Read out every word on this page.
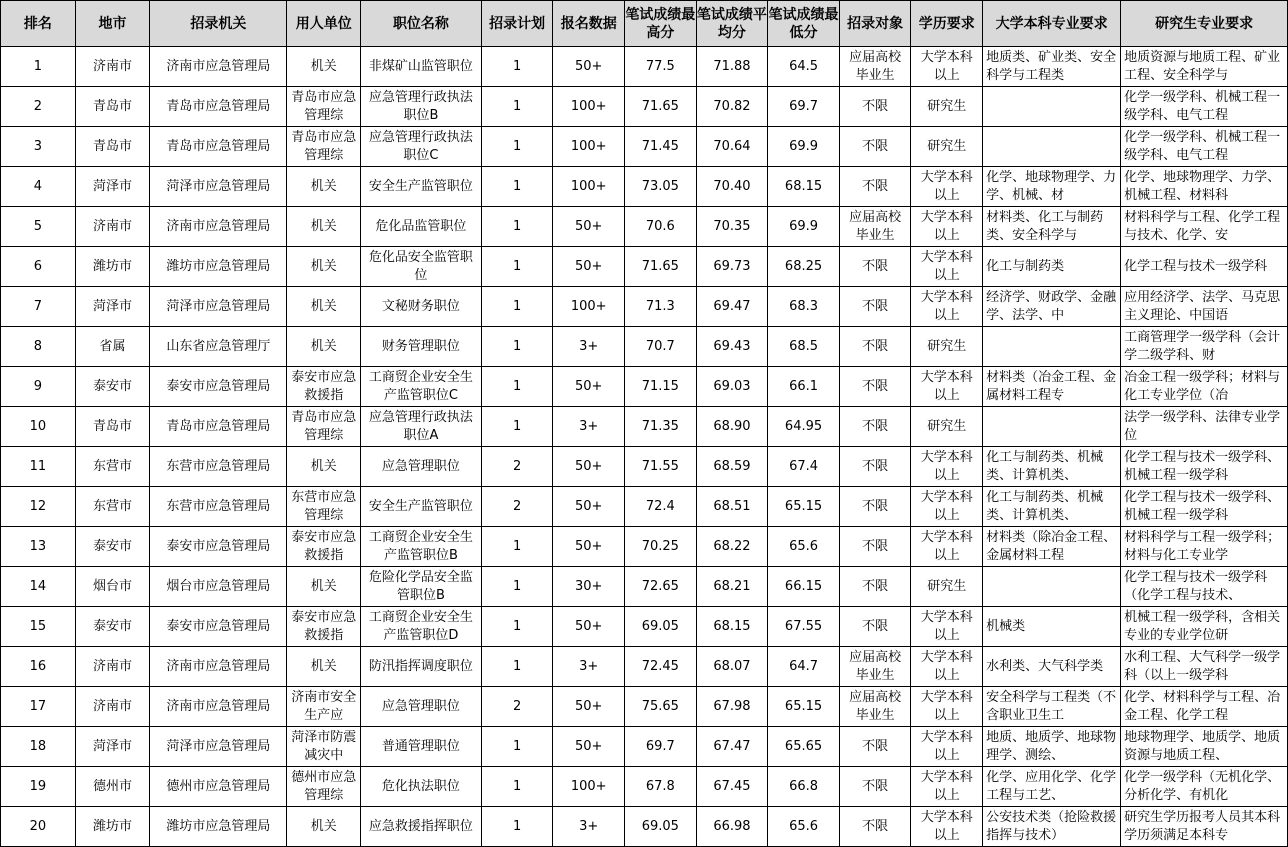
排名	地市	招录机关	用人单位	职位名称	招录计划	报名数据	笔试成绩最高分	笔试成绩平均分	笔试成绩最低分	招录对象	学历要求	大学本科专业要求	研究生专业要求

1	济南市	济南市应急管理局	机关	非煤矿山监管职位	1	50+	77.5	71.88	64.5	应届高校毕业生	大学本科以上	地质类、矿业类、安全科学与工程类	地质资源与地质工程、矿业工程、安全科学与

2	青岛市	青岛市应急管理局	青岛市应急管理综	应急管理行政执法职位B	1	100+	71.65	70.82	69.7	不限	研究生		化学一级学科、机械工程一级学科、电气工程

3	青岛市	青岛市应急管理局	青岛市应急管理综	应急管理行政执法职位C	1	100+	71.45	70.64	69.9	不限	研究生		化学一级学科、机械工程一级学科、电气工程

4	菏泽市	菏泽市应急管理局	机关	安全生产监管职位	1	100+	73.05	70.40	68.15	不限	大学本科以上	化学、地球物理学、力学、机械、材	化学、地球物理学、力学、机械工程、材料科

5	济南市	济南市应急管理局	机关	危化品监管职位	1	50+	70.6	70.35	69.9	应届高校毕业生	大学本科以上	材料类、化工与制药类、安全科学与	材料科学与工程、化学工程与技术、化学、安

6	潍坊市	潍坊市应急管理局	机关	危化品安全监管职位	1	50+	71.65	69.73	68.25	不限	大学本科以上	化工与制药类	化学工程与技术一级学科

7	菏泽市	菏泽市应急管理局	机关	文秘财务职位	1	100+	71.3	69.47	68.3	不限	大学本科以上	经济学、财政学、金融学、法学、中	应用经济学、法学、马克思主义理论、中国语

8	省属	山东省应急管理厅	机关	财务管理职位	1	3+	70.7	69.43	68.5	不限	研究生		工商管理学一级学科（会计学二级学科、财

9	泰安市	泰安市应急管理局	泰安市应急救援指	工商贸企业安全生产监管职位C	1	50+	71.15	69.03	66.1	不限	大学本科以上	材料类（冶金工程、金属材料工程专	冶金工程一级学科；材料与化工专业学位（冶

10	青岛市	青岛市应急管理局	青岛市应急管理综	应急管理行政执法职位A	1	3+	71.35	68.90	64.95	不限	研究生		法学一级学科、法律专业学位

11	东营市	东营市应急管理局	机关	应急管理职位	2	50+	71.55	68.59	67.4	不限	大学本科以上	化工与制药类、机械类、计算机类、	化学工程与技术一级学科、机械工程一级学科

12	东营市	东营市应急管理局	东营市应急管理综	安全生产监管职位	2	50+	72.4	68.51	65.15	不限	大学本科以上	化工与制药类、机械类、计算机类、	化学工程与技术一级学科、机械工程一级学科

13	泰安市	泰安市应急管理局	泰安市应急救援指	工商贸企业安全生产监管职位B	1	50+	70.25	68.22	65.6	不限	大学本科以上	材料类（除冶金工程、金属材料工程	材料科学与工程一级学科；材料与化工专业学

14	烟台市	烟台市应急管理局	机关	危险化学品安全监管职位B	1	30+	72.65	68.21	66.15	不限	研究生		化学工程与技术一级学科（化学工程与技术、

15	泰安市	泰安市应急管理局	泰安市应急救援指	工商贸企业安全生产监管职位D	1	50+	69.05	68.15	67.55	不限	大学本科以上	机械类	机械工程一级学科，含相关专业的专业学位研

16	济南市	济南市应急管理局	机关	防汛指挥调度职位	1	3+	72.45	68.07	64.7	应届高校毕业生	大学本科以上	水利类、大气科学类	水利工程、大气科学一级学科（以上一级学科

17	济南市	济南市应急管理局	济南市安全生产应	应急管理职位	2	50+	75.65	67.98	65.15	应届高校毕业生	大学本科以上	安全科学与工程类（不含职业卫生工	化学、材料科学与工程、冶金工程、化学工程

18	菏泽市	菏泽市应急管理局	菏泽市防震减灾中	普通管理职位	1	50+	69.7	67.47	65.65	不限	大学本科以上	地质、地质学、地球物理学、测绘、	地球物理学、地质学、地质资源与地质工程、

19	德州市	德州市应急管理局	德州市应急管理综	危化执法职位	1	100+	67.8	67.45	66.8	不限	大学本科以上	化学、应用化学、化学工程与工艺、	化学一级学科（无机化学、分析化学、有机化

20	潍坊市	潍坊市应急管理局	机关	应急救援指挥职位	1	3+	69.05	66.98	65.6	不限	大学本科以上	公安技术类（抢险救援指挥与技术）	研究生学历报考人员其本科学历须满足本科专
